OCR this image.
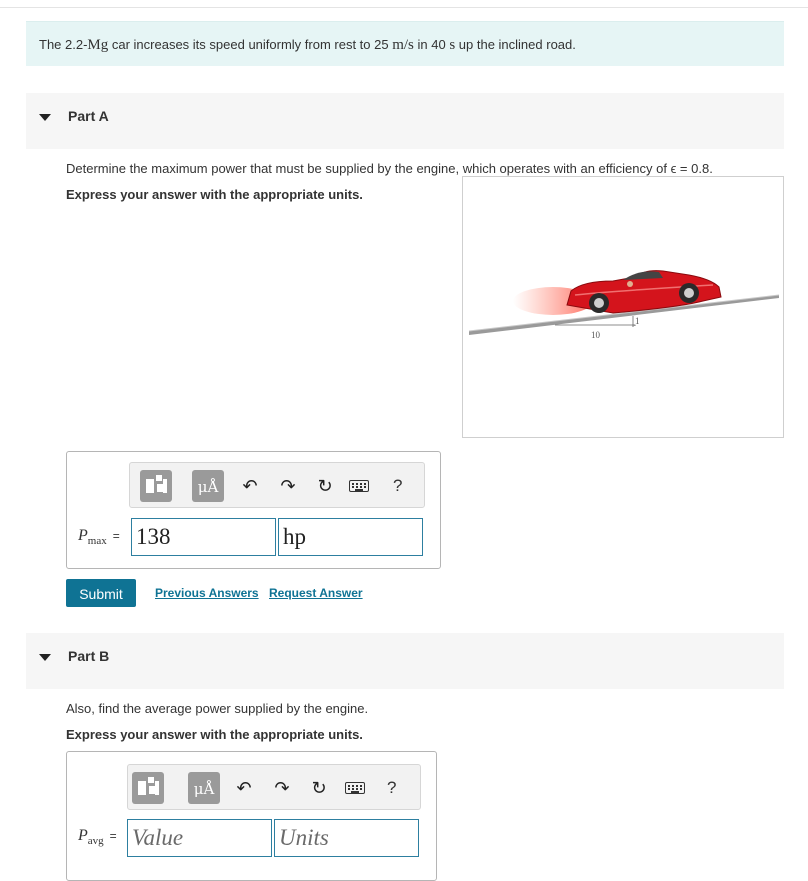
The 2.2-Mg car increases its speed uniformly from rest to 25 m/s in 40 s up the inclined road.
Part A
Determine the maximum power that must be supplied by the engine, which operates with an efficiency of ϵ = 0.8.
Express your answer with the appropriate units.
10
1
μÅ	↶	↷	↻	?
$P_{max}$ =
138
hp
Submit	Previous Answers Request Answer
Part B
Also, find the average power supplied by the engine.
Express your answer with the appropriate units.
μÅ	↶	↷	↻	?
$P_{avg}$ =
Value
Units
